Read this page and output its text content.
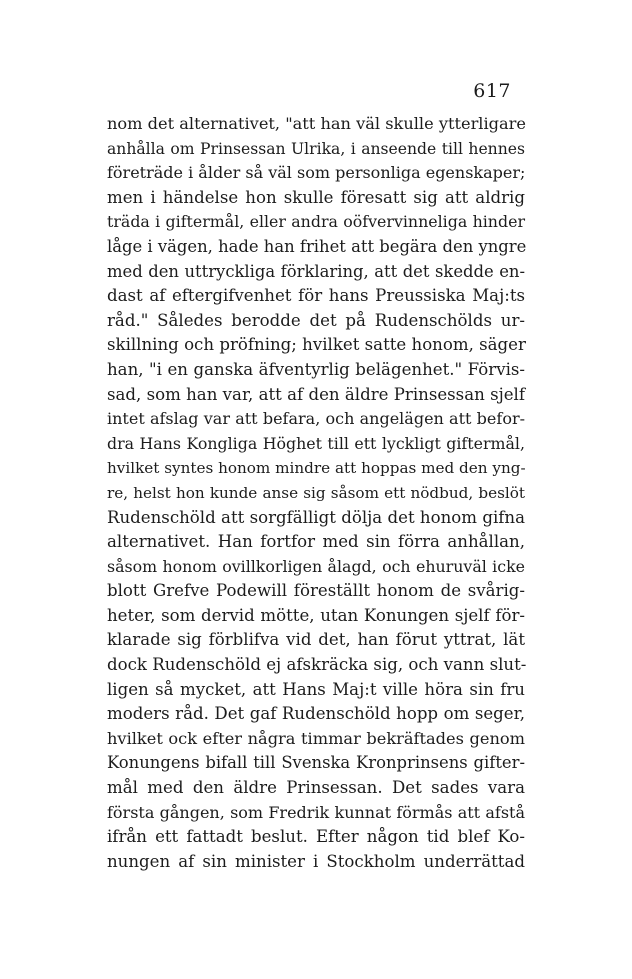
617
nom det alternativet, "att han väl skulle ytterligare
anhålla om Prinsessan Ulrika, i anseende till hennes
företräde i ålder så väl som personliga egenskaper;
men i händelse hon skulle föresatt sig att aldrig
träda i giftermål, eller andra oöfvervinneliga hinder
låge i vägen, hade han frihet att begära den yngre
med den uttryckliga förklaring, att det skedde en-
dast af eftergifvenhet för hans Preussiska Maj:ts
råd." Således berodde det på Rudenschölds ur-
skillning och pröfning; hvilket satte honom, säger
han, "i en ganska äfventyrlig belägenhet." Förvis-
sad, som han var, att af den äldre Prinsessan sjelf
intet afslag var att befara, och angelägen att befor-
dra Hans Kongliga Höghet till ett lyckligt giftermål,
hvilket syntes honom mindre att hoppas med den yng-
re, helst hon kunde anse sig såsom ett nödbud, beslöt
Rudenschöld att sorgfälligt dölja det honom gifna
alternativet. Han fortfor med sin förra anhållan,
såsom honom ovillkorligen ålagd, och ehuruväl icke
blott Grefve Podewill föreställt honom de svårig-
heter, som dervid mötte, utan Konungen sjelf för-
klarade sig förblifva vid det, han förut yttrat, lät
dock Rudenschöld ej afskräcka sig, och vann slut-
ligen så mycket, att Hans Maj:t ville höra sin fru
moders råd. Det gaf Rudenschöld hopp om seger,
hvilket ock efter några timmar bekräftades genom
Konungens bifall till Svenska Kronprinsens gifter-
mål med den äldre Prinsessan. Det sades vara
första gången, som Fredrik kunnat förmås att afstå
ifrån ett fattadt beslut. Efter någon tid blef Ko-
nungen af sin minister i Stockholm underrättad
